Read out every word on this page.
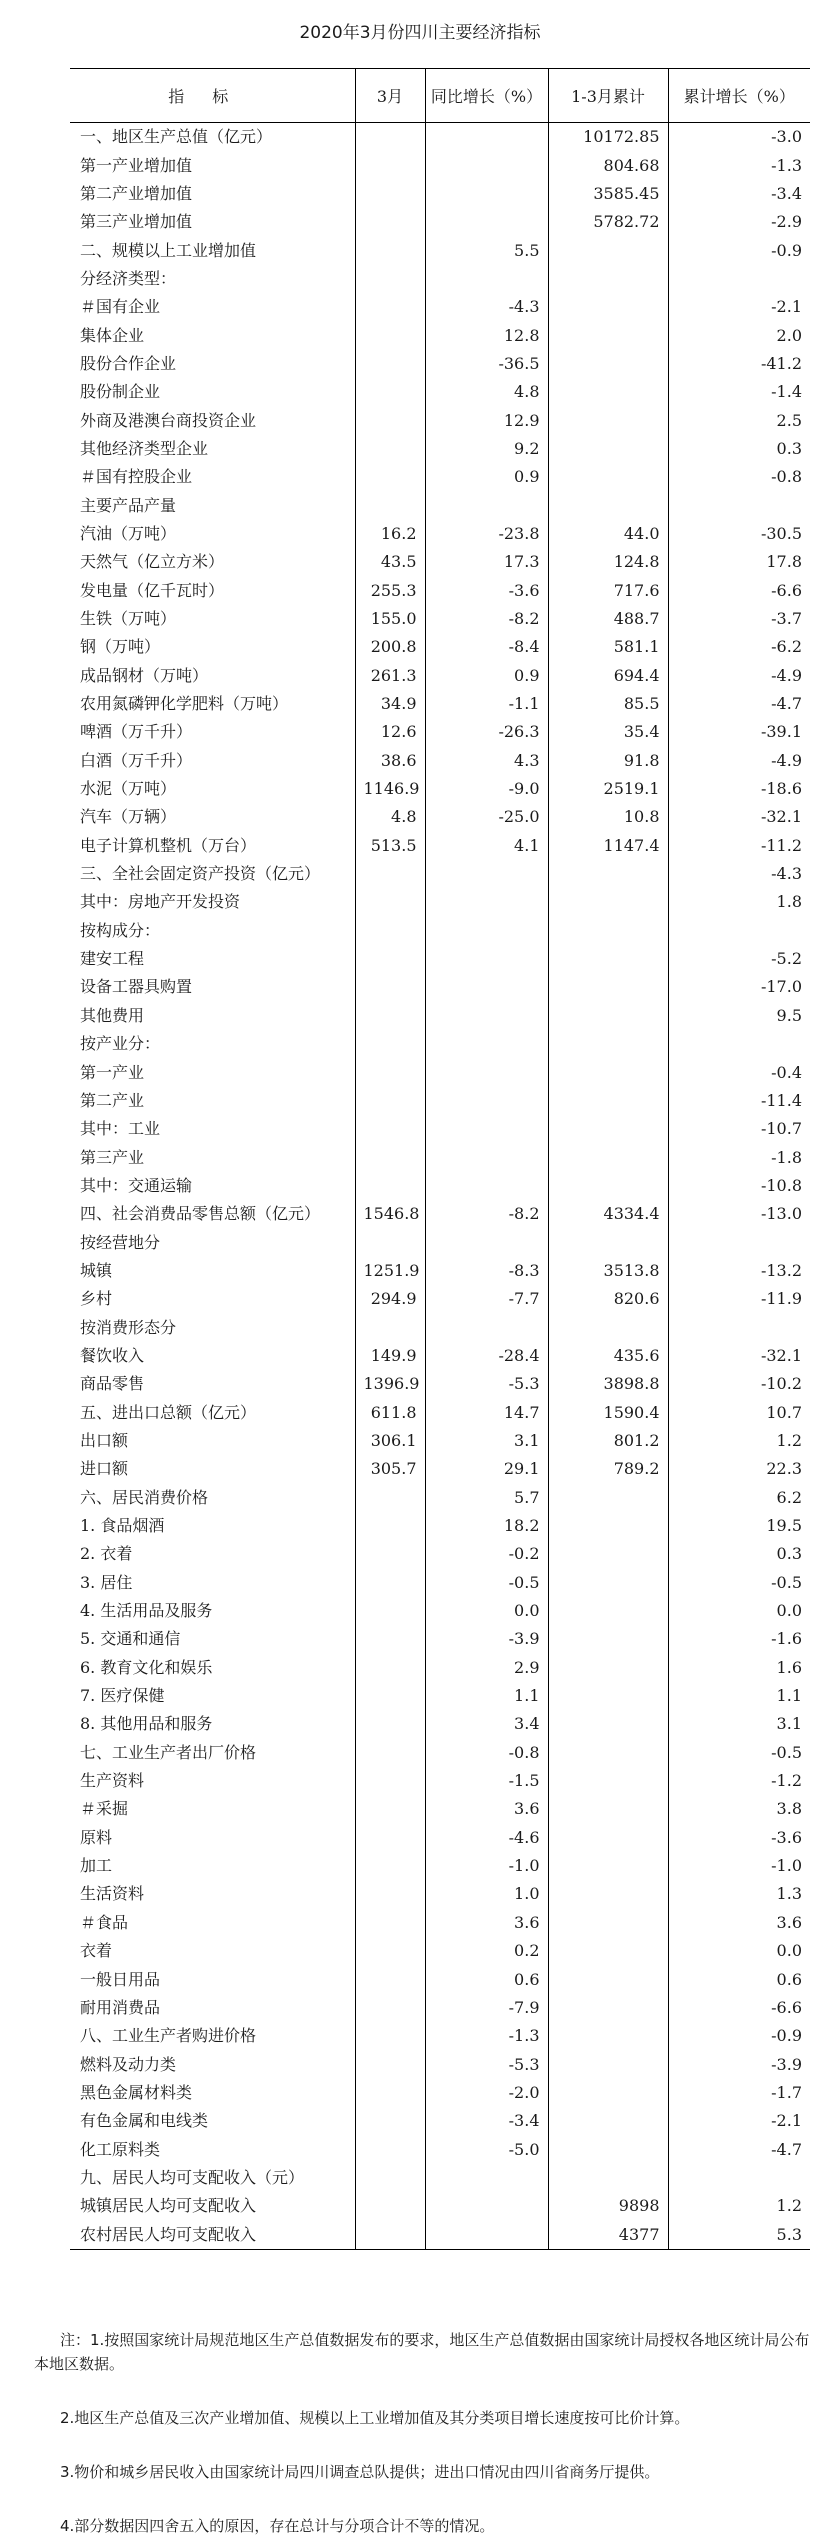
2020年3月份四川主要经济指标
指标	3月	同比增长（%）	1-3月累计	累计增长（%）
一、地区生产总值（亿元）			10172.85	-3.0
第一产业增加值			804.68	-1.3
第二产业增加值			3585.45	-3.4
第三产业增加值			5782.72	-2.9
二、规模以上工业增加值		5.5		-0.9
分经济类型：				
＃国有企业		-4.3		-2.1
集体企业		12.8		2.0
股份合作企业		-36.5		-41.2
股份制企业		4.8		-1.4
外商及港澳台商投资企业		12.9		2.5
其他经济类型企业		9.2		0.3
＃国有控股企业		0.9		-0.8
主要产品产量				
汽油（万吨）	16.2	-23.8	44.0	-30.5
天然气（亿立方米）	43.5	17.3	124.8	17.8
发电量（亿千瓦时）	255.3	-3.6	717.6	-6.6
生铁（万吨）	155.0	-8.2	488.7	-3.7
钢（万吨）	200.8	-8.4	581.1	-6.2
成品钢材（万吨）	261.3	0.9	694.4	-4.9
农用氮磷钾化学肥料（万吨）	34.9	-1.1	85.5	-4.7
啤酒（万千升）	12.6	-26.3	35.4	-39.1
白酒（万千升）	38.6	4.3	91.8	-4.9
水泥（万吨）	1146.9	-9.0	2519.1	-18.6
汽车（万辆）	4.8	-25.0	10.8	-32.1
电子计算机整机（万台）	513.5	4.1	1147.4	-11.2
三、全社会固定资产投资（亿元）				-4.3
其中：房地产开发投资				1.8
按构成分：				
建安工程				-5.2
设备工器具购置				-17.0
其他费用				9.5
按产业分：				
第一产业				-0.4
第二产业				-11.4
其中：工业				-10.7
第三产业				-1.8
其中：交通运输				-10.8
四、社会消费品零售总额（亿元）	1546.8	-8.2	4334.4	-13.0
按经营地分				
城镇	1251.9	-8.3	3513.8	-13.2
乡村	294.9	-7.7	820.6	-11.9
按消费形态分				
餐饮收入	149.9	-28.4	435.6	-32.1
商品零售	1396.9	-5.3	3898.8	-10.2
五、进出口总额（亿元）	611.8	14.7	1590.4	10.7
出口额	306.1	3.1	801.2	1.2
进口额	305.7	29.1	789.2	22.3
六、居民消费价格		5.7		6.2
1. 食品烟酒		18.2		19.5
2. 衣着		-0.2		0.3
3. 居住		-0.5		-0.5
4. 生活用品及服务		0.0		0.0
5. 交通和通信		-3.9		-1.6
6. 教育文化和娱乐		2.9		1.6
7. 医疗保健		1.1		1.1
8. 其他用品和服务		3.4		3.1
七、工业生产者出厂价格		-0.8		-0.5
生产资料		-1.5		-1.2
＃采掘		3.6		3.8
原料		-4.6		-3.6
加工		-1.0		-1.0
生活资料		1.0		1.3
＃食品		3.6		3.6
衣着		0.2		0.0
一般日用品		0.6		0.6
耐用消费品		-7.9		-6.6
八、工业生产者购进价格		-1.3		-0.9
燃料及动力类		-5.3		-3.9
黑色金属材料类		-2.0		-1.7
有色金属和电线类		-3.4		-2.1
化工原料类		-5.0		-4.7
九、居民人均可支配收入（元）				
城镇居民人均可支配收入			9898	1.2
农村居民人均可支配收入			4377	5.3

注：1.按照国家统计局规范地区生产总值数据发布的要求，地区生产总值数据由国家统计局授权各地区统计局公布本地区数据。

2.地区生产总值及三次产业增加值、规模以上工业增加值及其分类项目增长速度按可比价计算。

3.物价和城乡居民收入由国家统计局四川调查总队提供；进出口情况由四川省商务厅提供。

4.部分数据因四舍五入的原因，存在总计与分项合计不等的情况。
